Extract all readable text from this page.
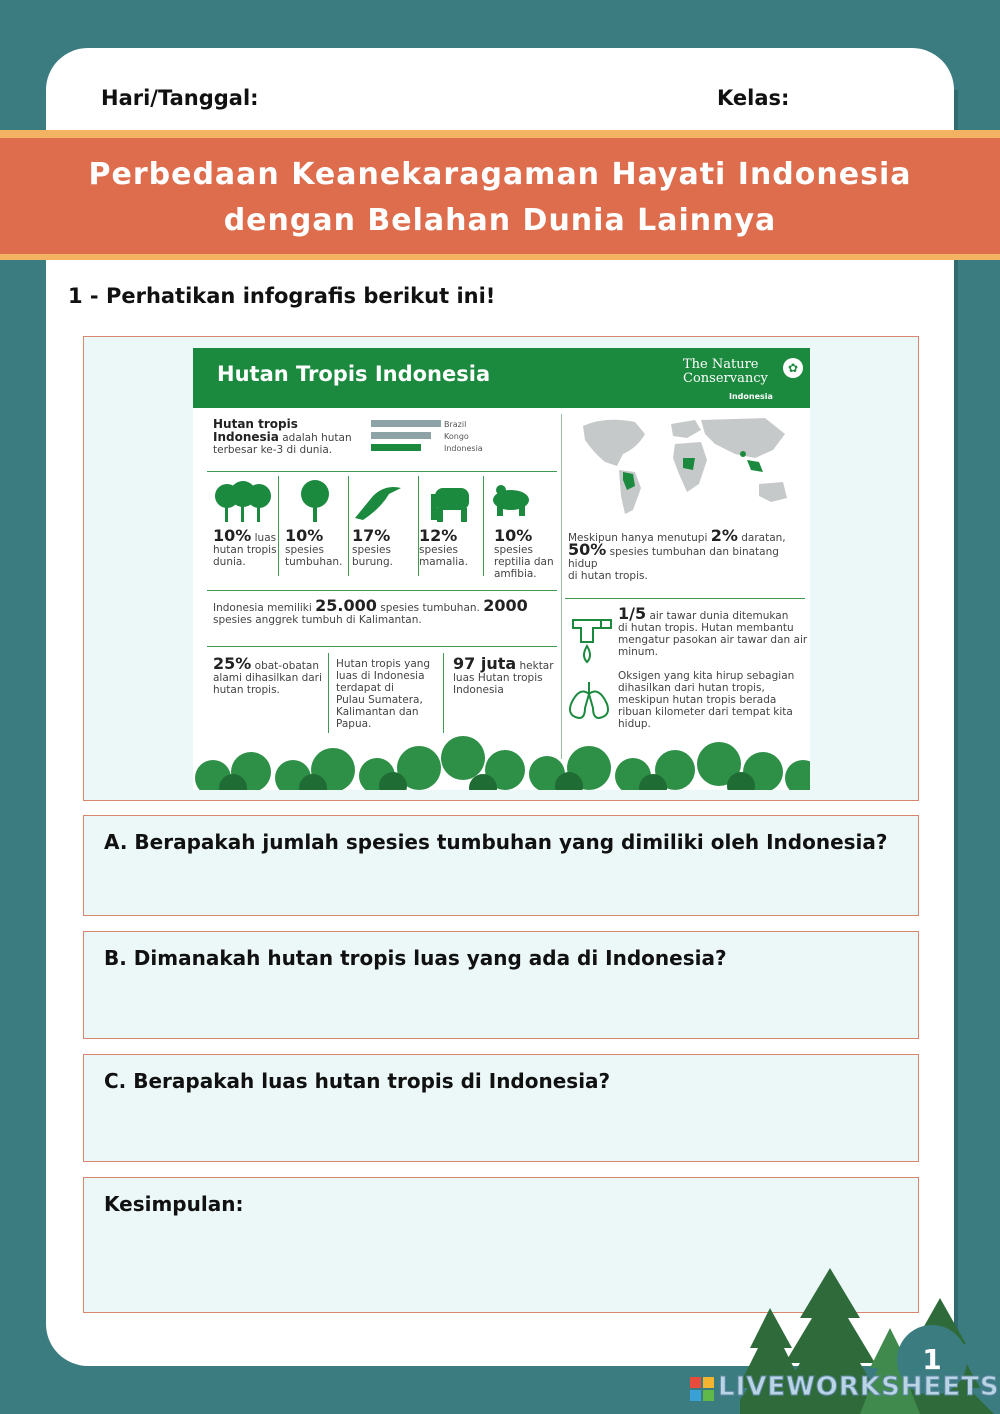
Hari/Tanggal:	Kelas:
Perbedaan Keanekaragaman Hayati Indonesia
dengan Belahan Dunia Lainnya
1 - Perhatikan infografis berikut ini!
Hutan Tropis Indonesia	The Nature
Conservancy
Indonesia
✿
Hutan tropis
Indonesia adalah hutan
terbesar ke-3 di dunia.
Brazil
Kongo
Indonesia
10% luas
hutan tropis
dunia.
10%
spesies
tumbuhan.
17%
spesies
burung.
12%
spesies
mamalia.
10%
spesies
reptilia dan
amfibia.
Indonesia memiliki 25.000 spesies tumbuhan. 2000
spesies anggrek tumbuh di Kalimantan.
25% obat-obatan
alami dihasilkan dari
hutan tropis.
Hutan tropis yang
luas di Indonesia
terdapat di
Pulau Sumatera,
Kalimantan dan
Papua.
97 juta hektar
luas Hutan tropis
Indonesia
Meskipun hanya menutupi 2% daratan,
50% spesies tumbuhan dan binatang hidup
di hutan tropis.
1/5 air tawar dunia ditemukan
di hutan tropis. Hutan membantu
mengatur pasokan air tawar dan air
minum.
Oksigen yang kita hirup sebagian
dihasilkan dari hutan tropis,
meskipun hutan tropis berada
ribuan kilometer dari tempat kita
hidup.
A. Berapakah jumlah spesies tumbuhan yang dimiliki oleh Indonesia?
B. Dimanakah hutan tropis luas yang ada di Indonesia?
C. Berapakah luas hutan tropis di Indonesia?
Kesimpulan:
1
LIVEWORKSHEETS
